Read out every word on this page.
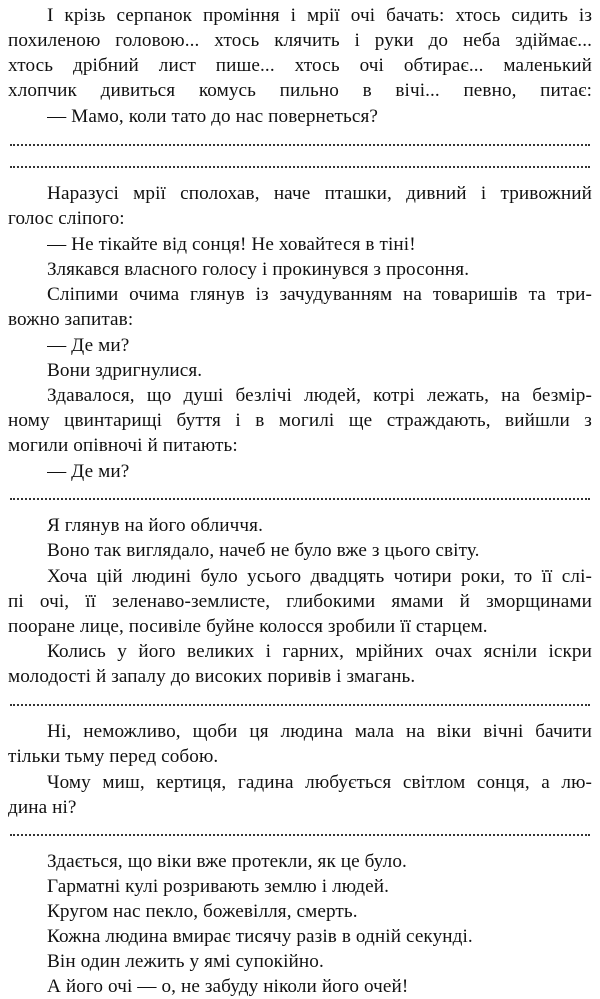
І крізь серпанок проміння і мрії очі бачать: хтось сидить із
похиленою головою... хтось клячить і руки до неба здіймає...
хтось дрібний лист пише... хтось очі обтирає... маленький
хлопчик дивиться комусь пильно в вічі... певно, питає:
— Мамо, коли тато до нас повернеться?
Наразусі мрії сполохав, наче пташки, дивний і тривожний
голос сліпого:
— Не тікайте від сонця! Не ховайтеся в тіні!
Злякався власного голосу і прокинувся з просоння.
Сліпими очима глянув із зачудуванням на товаришів та три-
вожно запитав:
— Де ми?
Вони здригнулися.
Здавалося, що душі безлічі людей, котрі лежать, на безмір-
ному цвинтарищі буття і в могилі ще страждають, вийшли з
могили опівночі й питають:
— Де ми?
Я глянув на його обличчя.
Воно так виглядало, начеб не було вже з цього світу.
Хоча цій людині було усього двадцять чотири роки, то її слі-
пі очі, її зеленаво-землисте, глибокими ямами й зморщинами
пооране лице, посивіле буйне колосся зробили її старцем.
Колись у його великих і гарних, мрійних очах ясніли іскри
молодості й запалу до високих поривів і змагань.
Ні, неможливо, щоби ця людина мала на віки вічні бачити
тільки тьму перед собою.
Чому миш, кертиця, гадина любується світлом сонця, а лю-
дина ні?
Здається, що віки вже протекли, як це було.
Гарматні кулі розривають землю і людей.
Кругом нас пекло, божевілля, смерть.
Кожна людина вмирає тисячу разів в одній секунді.
Він один лежить у ямі супокійно.
А його очі — о, не забуду ніколи його очей!
